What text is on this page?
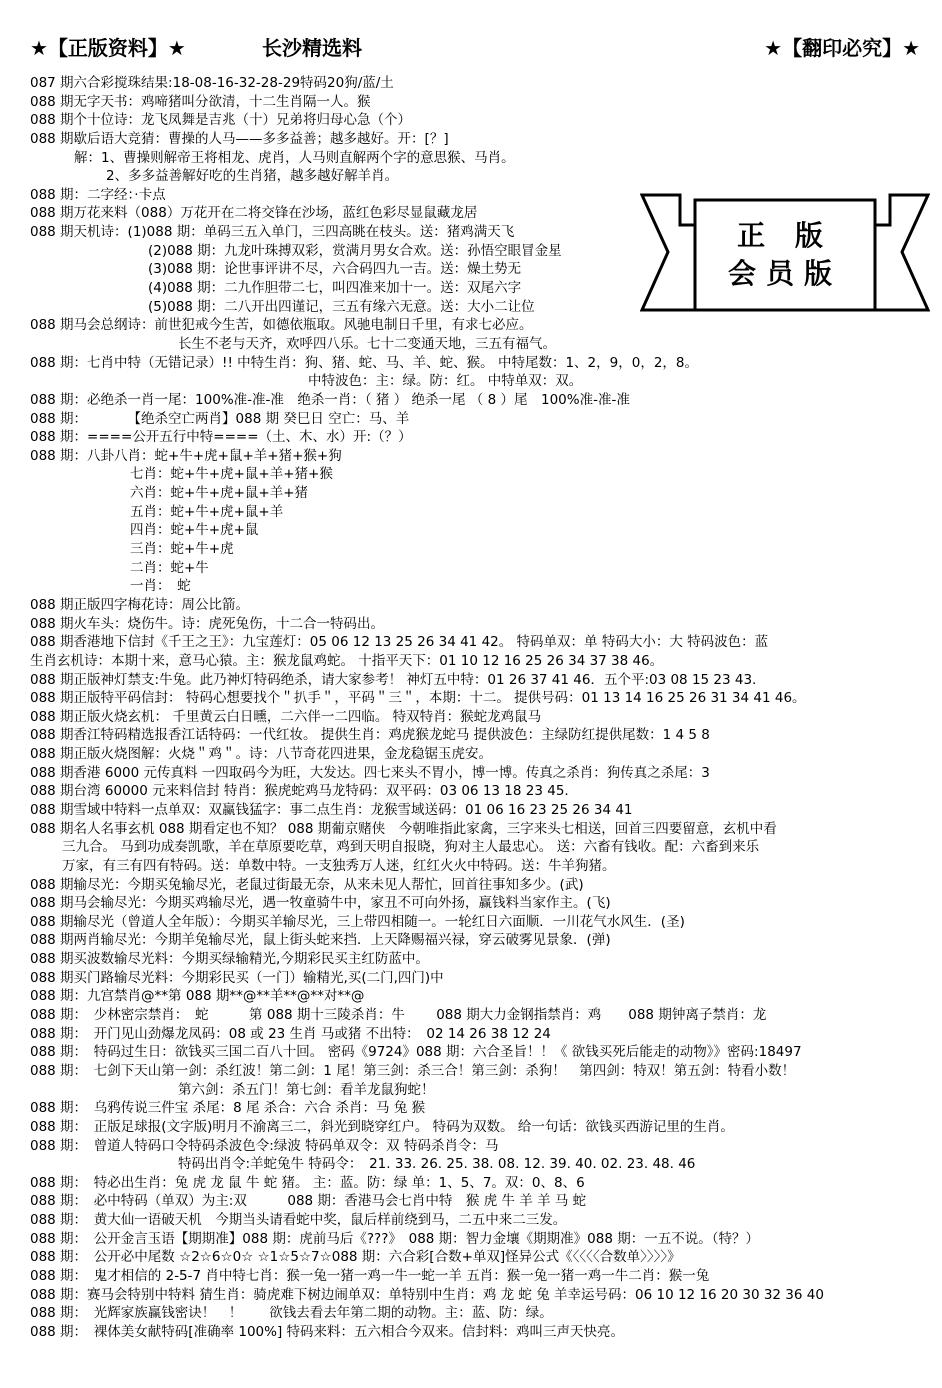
★【正版资料】★	长沙精选料	★【翻印必究】★
正 版
会员版
087 期六合彩搅珠结果:18-08-16-32-28-29特码20狗/蓝/土
088 期无字天书：鸡啼猪叫分欲清，十二生肖隔一人。猴
088 期个十位诗：龙飞凤舞是吉兆（十）兄弟将归母心急（个）
088 期歇后语大竞猜：曹操的人马——多多益善；越多越好。开：[？]
解：1、曹操则解帝王将相龙、虎肖，人马则直解两个字的意思猴、马肖。
2、多多益善解好吃的生肖猪，越多越好解羊肖。
088 期：二字经：·卡点
088 期万花来料（088）万花开在二将交锋在沙场，蓝红色彩尽显鼠藏龙居
088 期天机诗：(1)088 期：单码三五入单门，三四高眺在枝头。送：猪鸡满天飞
(2)088 期：九龙叶珠搏双彩，赏满月男女合欢。送：孙悟空眼冒金星
(3)088 期：论世事评讲不尽，六合码四九一吉。送：燥土势无
(4)088 期：二九作胆带二七，叫四准来加十一。送：双尾六字
(5)088 期：二八开出四谨记，三五有缘六无意。送：大小二让位
088 期马会总纲诗：前世犯戒今生苦，如德依瓶取。风驰电制日千里，有求七必应。
长生不老与天齐，欢呼四八乐。七十二变通天地，三五有福气。
088 期：七肖中特（无错记录）!! 中特生肖：狗、猪、蛇、马、羊、蛇、猴。 中特尾数：1、2，9，0，2，8。
中特波色：主：绿。防：红。 中特单双：双。
088 期：必绝杀一肖一尾：100%准-准-准　绝杀一肖：（ 猪 ） 绝杀一尾 （ 8 ）尾　100%准-准-准
088 期：　　　　【绝杀空亡两肖】088 期 癸巳日 空亡：马、羊
088 期：====公开五行中特====（土、木、水）开:（？）
088 期：八卦八肖：蛇+牛+虎+鼠+羊+猪+猴+狗
七肖：蛇+牛+虎+鼠+羊+猪+猴
六肖：蛇+牛+虎+鼠+羊+猪
五肖：蛇+牛+虎+鼠+羊
四肖：蛇+牛+虎+鼠
三肖：蛇+牛+虎
二肖：蛇+牛
一肖：　蛇
088 期正版四字梅花诗：周公比箭。
088 期火车头：烧伤牛。诗：虎死兔伤，十二合一特码出。
088 期香港地下信封《千王之王》：九宝莲灯：05 06 12 13 25 26 34 41 42。 特码单双：单 特码大小：大 特码波色：蓝
生肖玄机诗：本期十来，意马心猿。主：猴龙鼠鸡蛇。 十指平天下：01 10 12 16 25 26 34 37 38 46。
088 期正版神灯禁支:牛兔。此乃神灯特码绝杀，请大家参考！ 神灯五中特：01 26 37 41 46．五个平:03 08 15 23 43.
088 期正版特平码信封： 特码心想要找个＂扒手＂，平码＂三＂，本期：十二。 提供号码：01 13 14 16 25 26 31 34 41 46。
088 期正版火烧玄机： 千里黄云白日曛，二六伴一二四临。 特双特肖：猴蛇龙鸡鼠马
088 期香江特码精选报香江话特码：一代红妆。 提供生肖：鸡虎猴龙蛇马 提供波色：主绿防红提供尾数：1 4 5 8
088 期正版火烧图解：火烧＂鸡＂。诗：八节奇花四进果，金龙稳锯玉虎安。
088 期香港 6000 元传真料 一四取码今为旺，大发达。四七来头不胃小，博一博。传真之杀肖：狗传真之杀尾：3
088 期台湾 60000 元来料信封 特肖：猴虎蛇鸡马龙特码：双平码：03 06 13 18 23 45.
088 期雪域中特料一点单双：双赢钱猛字：事二点生肖：龙猴雪域送码：01 06 16 23 25 26 34 41
088 期名人名事玄机 088 期看定也不知？ 088 期葡京赌侠　今朝唯指此家禽，三字来头七相送，回首三四要留意，玄机中看
三九合。 马到功成奏凯歌，羊在草原要吃草，鸡到天明自报晓，狗对主人最忠心。 送：六畜有钱收。配：六畜到来乐
万家，有三有四有特码。送：单数中特。一支独秀万人迷，红红火火中特码。送：牛羊狗猪。
088 期输尽光：今期买兔输尽光，老鼠过街最无奈，从来未见人帮忙，回首往事知多少。(武)
088 期马会输尽光：今期买鸡输尽光，遇一牧童骑牛中，家丑不可向外扬，赢钱料当家作主。(飞)
088 期输尽光（曾道人全年版）：今期买羊输尽光，三上带四相随一。一轮红日六面顺．一川花气水风生．(圣)
088 期两肖输尽光：今期羊兔输尽光，鼠上街头蛇来挡．上天降赐福兴禄，穿云破雾见景象．(弹)
088 期买波数输尽光料：今期买绿输精光,今期彩民买主红防蓝中。
088 期买门路输尽光料：今期彩民买（一门）输精光,买(二门,四门)中
088 期：九宫禁肖@**第 088 期**@**羊**@**对**@
088 期：　少林密宗禁肖：　蛇　　　第 088 期十三陵杀肖：牛　　 088 期大力金钢指禁肖：鸡　　088 期钟离子禁肖：龙
088 期：　开门见山劲爆龙凤码：08 或 23 生肖 马或猪 不出特：　02 14 26 38 12 24
088 期：　特码过生日：欲钱买三国二百八十回。 密码《9724》088 期：六合圣旨！！《 欲钱买死后能走的动物》》密码:18497
088 期：　七剑下天山第一剑：杀红波！第二剑：1 尾！第三剑：杀三合！第三剑：杀狗！　第四剑：特双！第五剑：特看小数！
第六剑：杀五门！第七剑：看羊龙鼠狗蛇！
088 期：　乌鸦传说三件宝 杀尾：8 尾 杀合：六合 杀肖：马 兔 猴
088 期：　正版足球报(文字版)明月不渝离三二，斜光到晓穿红户。 特码为双数。 给一句话：欲钱买西游记里的生肖。
088 期：　曾道人特码口令特码杀波色令:绿波 特码单双令：双 特码杀肖令：马
特码出肖令:羊蛇兔牛 特码令：　21. 33. 26. 25. 38. 08. 12. 39. 40. 02. 23. 48. 46
088 期：　特必出生肖：兔 虎 龙 鼠 牛 蛇 猪。 主：蓝。防：绿 单：1、5、7。双：0、8、6
088 期：　必中特码（单双）为主:双　　　088 期：香港马会七肖中特　猴 虎 牛 羊 羊 马 蛇
088 期：　黄大仙一语破天机　今期当头请看蛇中奖，鼠后样前绕到马，二五中来二三发。
088 期：　公开金言玉语【期期准】088 期：虎前马后《???》　088 期：智力金壤《期期准》088 期：一五不说。（特？）
088 期：　公开必中尾数 ☆2☆6☆0☆ ☆1☆5☆7☆088 期：六合彩[合数+单双]怪异公式《〈〈〈〈合数单〉〉〉〉》
088 期：　鬼才相信的 2-5-7 肖中特七肖：猴一兔一猪一鸡一牛一蛇一羊 五肖：猴一兔一猪一鸡一牛二肖：猴一兔
088 期：赛马会特别中特料 猜生肖：骑虎难下树边闹单双：单特别中生肖：鸡 龙 蛇 兔 羊幸运号码：06 10 12 16 20 30 32 36 40
088 期：　光辉家族赢钱密诀！　！　　欲钱去看去年第二期的动物。主：蓝、防：绿。
088 期：　裸体美女献特码[准确率 100%] 特码来料：五六相合今双来。信封料：鸡叫三声天快亮。
